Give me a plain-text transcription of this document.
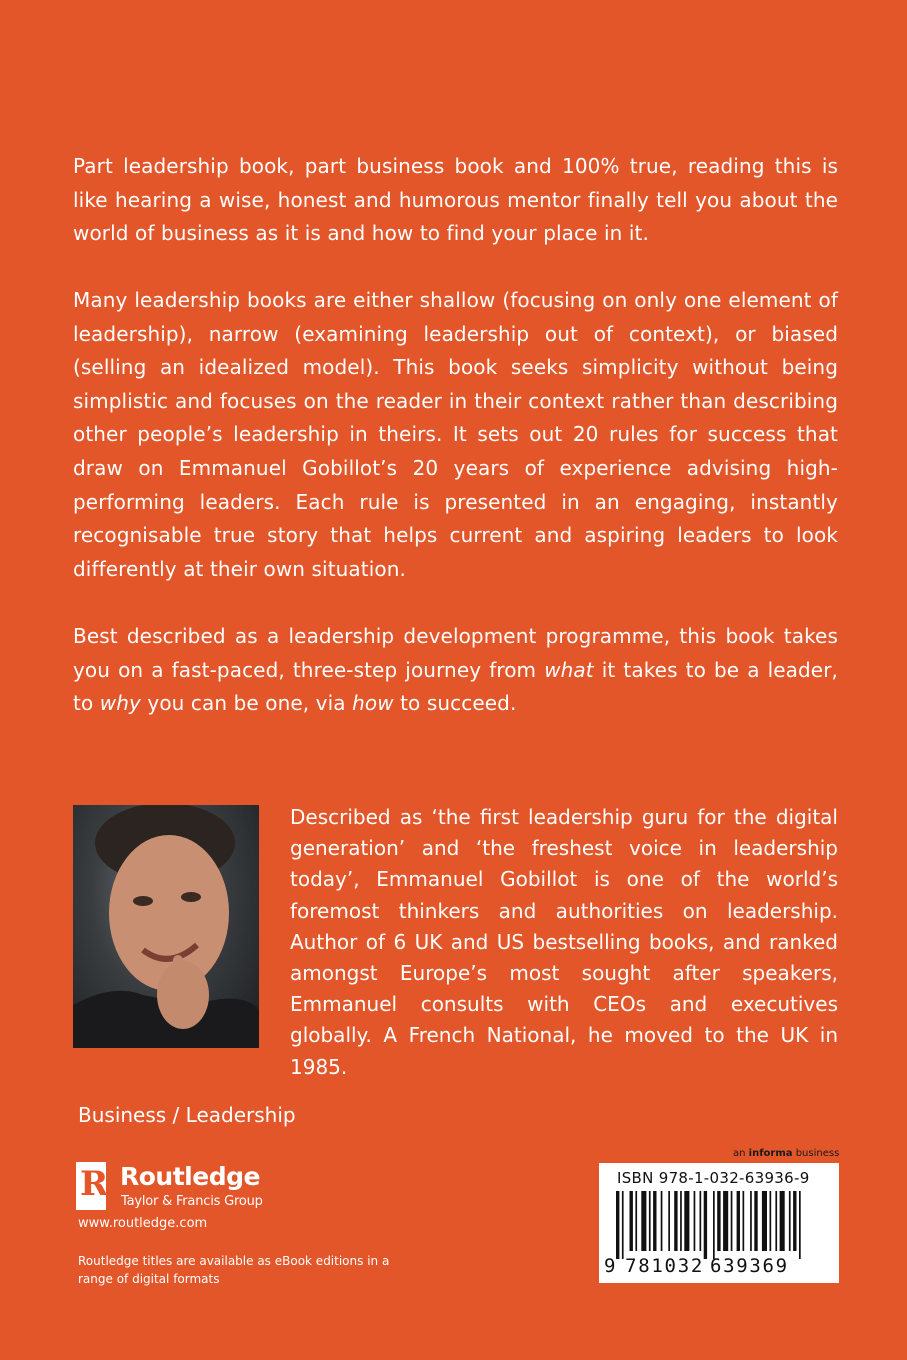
Part leadership book, part business book and 100% true, reading this is like hearing a wise, honest and humorous mentor finally tell you about the world of business as it is and how to find your place in it.

Many leadership books are either shallow (focusing on only one element of leadership), narrow (examining leadership out of context), or biased (selling an idealized model). This book seeks simplicity without being simplistic and focuses on the reader in their context rather than describing other people’s leadership in theirs. It sets out 20 rules for success that draw on Emmanuel Gobillot’s 20 years of experience advising high-performing leaders. Each rule is presented in an engaging, instantly recognisable true story that helps current and aspiring leaders to look differently at their own situation.

Best described as a leadership development programme, this book takes you on a fast-paced, three-step journey from what it takes to be a leader, to why you can be one, via how to succeed.

Described as ‘the first leadership guru for the digital generation’ and ‘the freshest voice in leadership today’, Emmanuel Gobillot is one of the world’s foremost thinkers and authorities on leadership. Author of 6 UK and US bestselling books, and ranked amongst Europe’s most sought after speakers, Emmanuel consults with CEOs and executives globally. A French National, he moved to the UK in 1985.

Business / Leadership

R Routledge
Taylor & Francis Group
www.routledge.com
Routledge titles are available as eBook editions in a range of digital formats
an informa business
ISBN 978-1-032-63936-9
9 781032 639369
